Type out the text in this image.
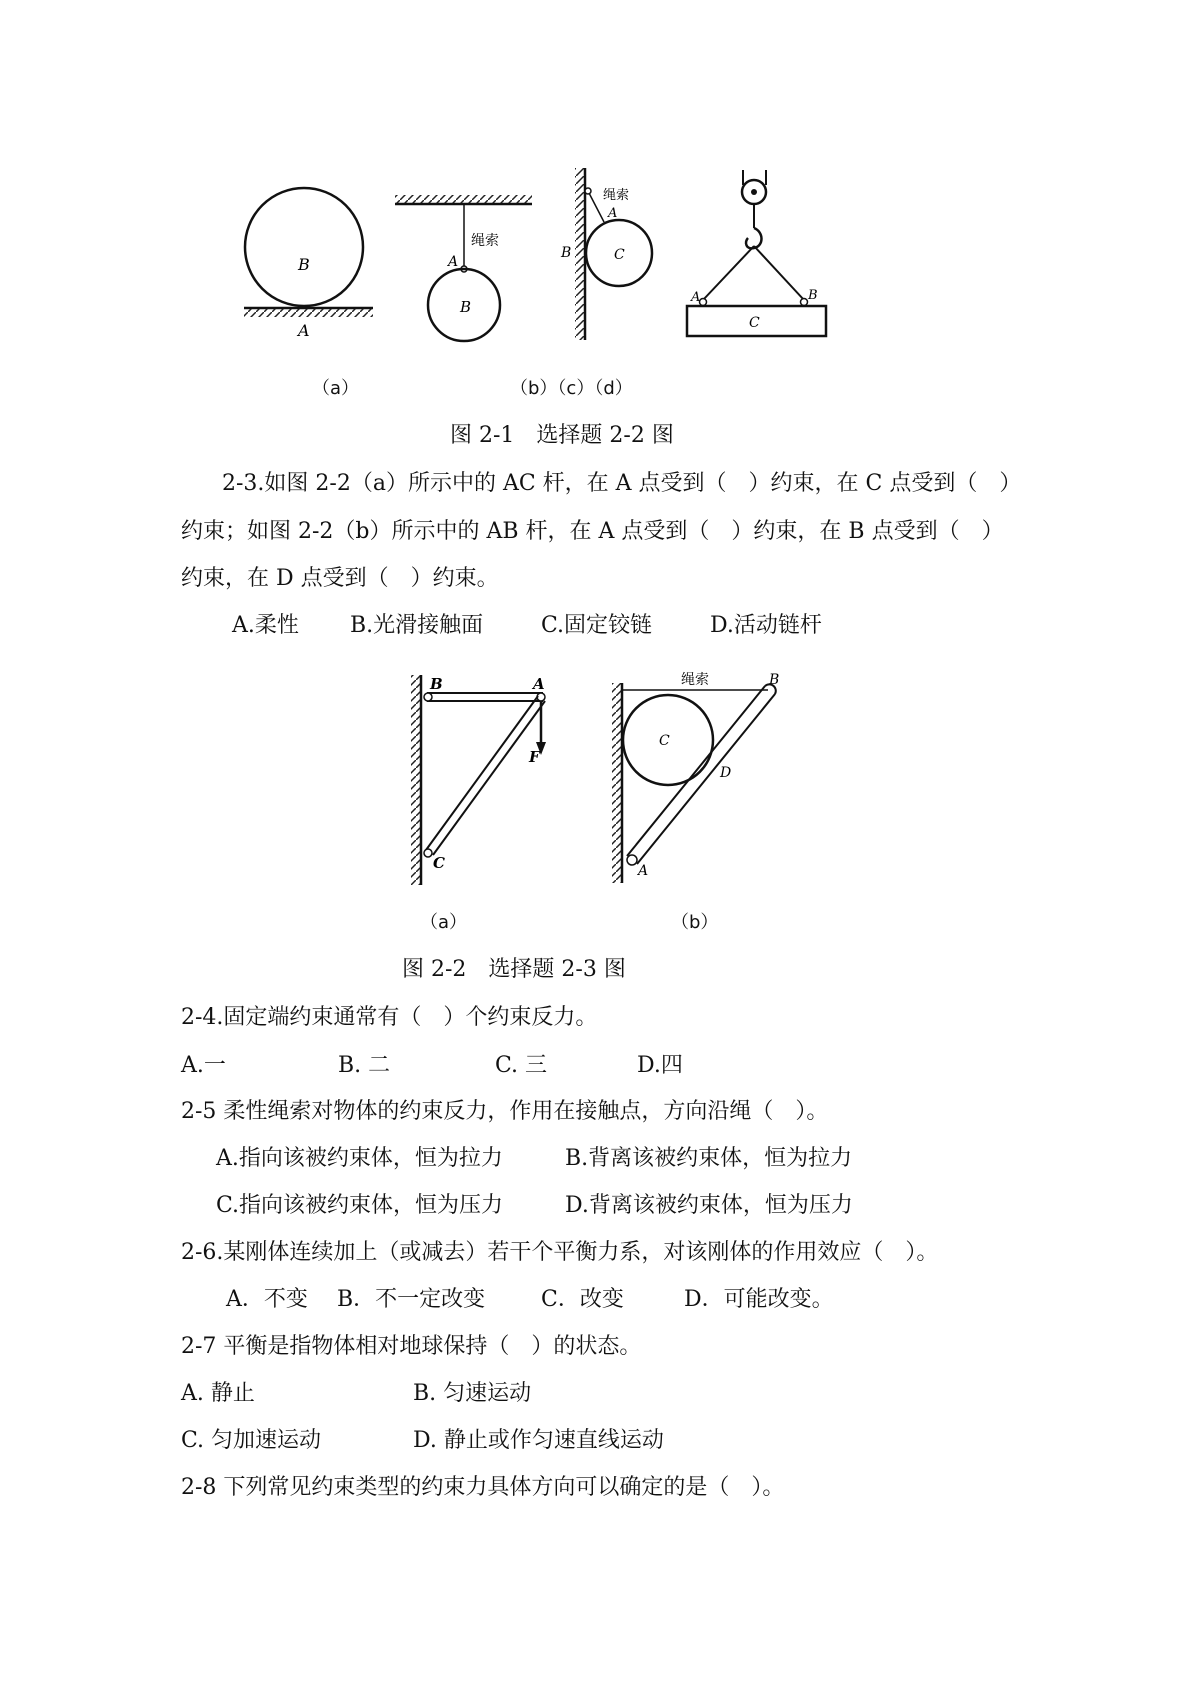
B
A
绳索
A
B
绳索
A
B	C
A	B
C
（a）	（b）（c）（d）
图 2-1　选择题 2-2 图
2-3.如图 2-2（a）所示中的 AC 杆，在 A 点受到（　）约束，在 C 点受到（　）
约束；如图 2-2（b）所示中的 AB 杆，在 A 点受到（　）约束，在 B 点受到（　）
约束，在 D 点受到（　）约束。
A.柔性 B.光滑接触面	C.固定铰链	D.活动链杆
B	A
F
C
绳索	B
C
D
A
（a）	（b）
图 2-2　选择题 2-3 图
2-4.固定端约束通常有（　）个约束反力。
A.一	B. 二	C. 三	D.四
2-5 柔性绳索对物体的约束反力，作用在接触点，方向沿绳（　）。
A.指向该被约束体，恒为拉力	B.背离该被约束体，恒为拉力
C.指向该被约束体，恒为压力	D.背离该被约束体，恒为压力
2-6.某刚体连续加上（或减去）若干个平衡力系，对该刚体的作用效应（　）。
A．不变 B．不一定改变	C．改变	D．可能改变。
2-7 平衡是指物体相对地球保持（　）的状态。
A. 静止	B. 匀速运动
C. 匀加速运动	D. 静止或作匀速直线运动
2-8 下列常见约束类型的约束力具体方向可以确定的是（　）。
